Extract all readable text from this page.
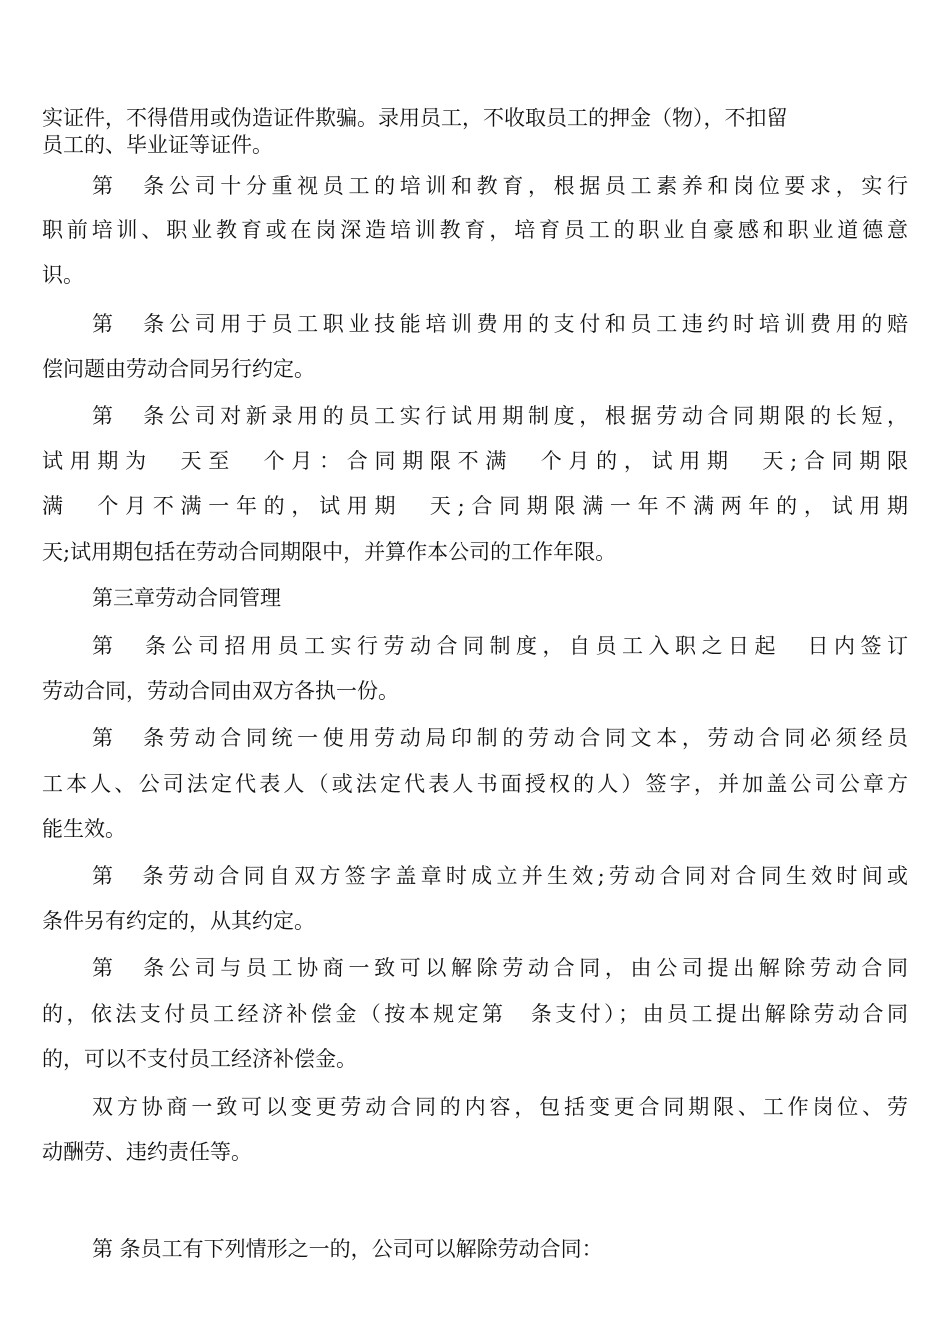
实证件，不得借用或伪造证件欺骗。录用员工，不收取员工的押金（物），不扣留
员工的、毕业证等证件。
第　条公司十分重视员工的培训和教育，根据员工素养和岗位要求，实行
职前培训、职业教育或在岗深造培训教育，培育员工的职业自豪感和职业道德意
识。
第　条公司用于员工职业技能培训费用的支付和员工违约时培训费用的赔
偿问题由劳动合同另行约定。
第　条公司对新录用的员工实行试用期制度，根据劳动合同期限的长短，
试用期为　天至　个月：合同期限不满　个月的，试用期　天;合同期限
满　个月不满一年的，试用期　天;合同期限满一年不满两年的，试用期
天;试用期包括在劳动合同期限中，并算作本公司的工作年限。
第三章劳动合同管理
第　条公司招用员工实行劳动合同制度，自员工入职之日起　日内签订
劳动合同，劳动合同由双方各执一份。
第　条劳动合同统一使用劳动局印制的劳动合同文本，劳动合同必须经员
工本人、公司法定代表人（或法定代表人书面授权的人）签字，并加盖公司公章方
能生效。
第　条劳动合同自双方签字盖章时成立并生效;劳动合同对合同生效时间或
条件另有约定的，从其约定。
第　条公司与员工协商一致可以解除劳动合同，由公司提出解除劳动合同
的，依法支付员工经济补偿金（按本规定第　条支付）；由员工提出解除劳动合同
的，可以不支付员工经济补偿金。
双方协商一致可以变更劳动合同的内容，包括变更合同期限、工作岗位、劳
动酬劳、违约责任等。
第 条员工有下列情形之一的，公司可以解除劳动合同：
